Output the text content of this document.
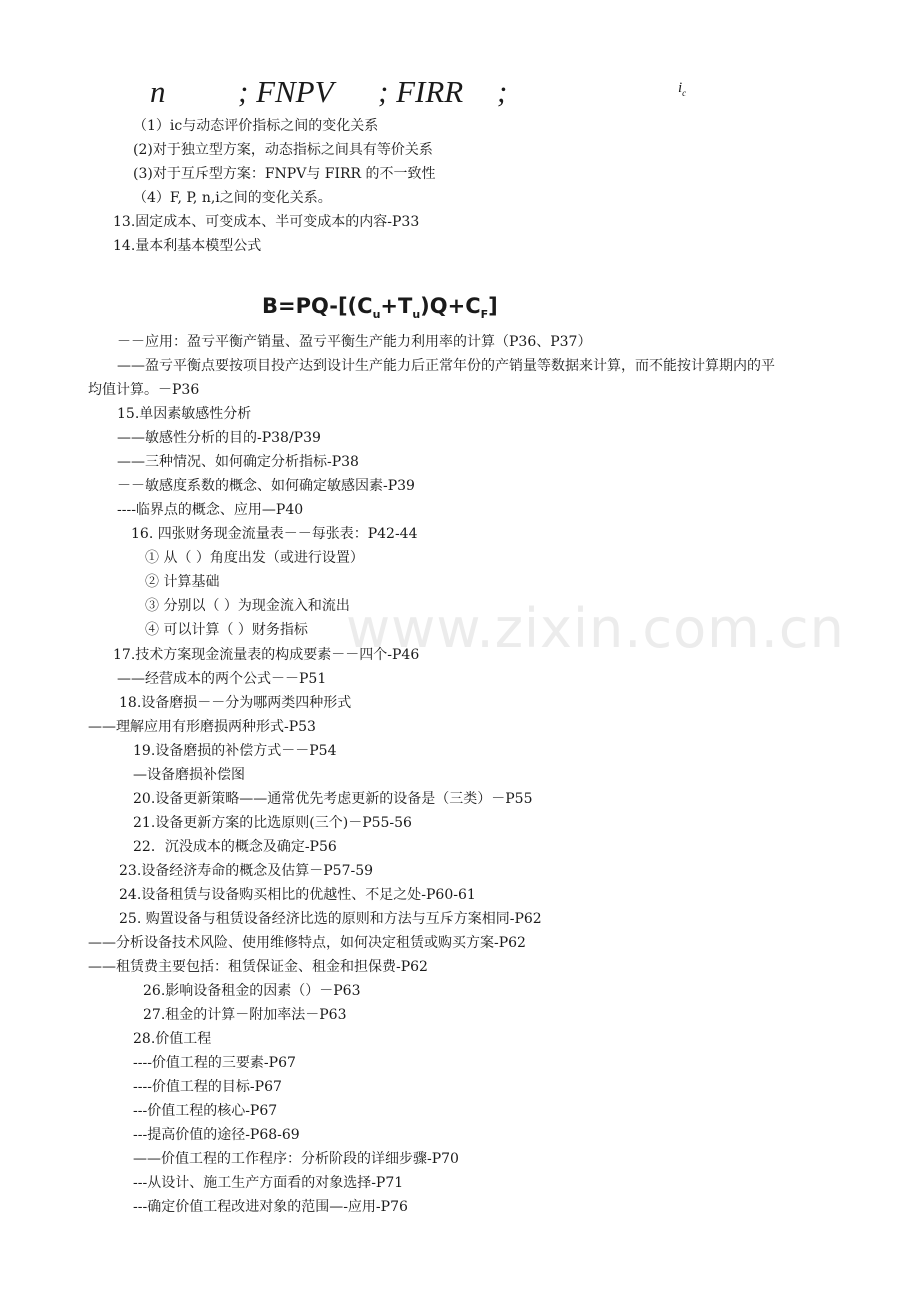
n ; FNPV ; FIRR ;	$i_c$
（1）ic与动态评价指标之间的变化关系
(2)对于独立型方案，动态指标之间具有等价关系
(3)对于互斥型方案：FNPV与 FIRR 的不一致性
（4）F, P, n,i之间的变化关系。
13.固定成本、可变成本、半可变成本的内容-P33
14.量本利基本模型公式
$B=PQ-[(C_u+T_u)Q+C_F]$
www.zixin.com.cn
－－应用：盈亏平衡产销量、盈亏平衡生产能力利用率的计算（P36、P37）
——盈亏平衡点要按项目投产达到设计生产能力后正常年份的产销量等数据来计算，而不能按计算期内的平
均值计算。－P36
15.单因素敏感性分析
——敏感性分析的目的-P38/P39
——三种情况、如何确定分析指标-P38
－－敏感度系数的概念、如何确定敏感因素-P39
----临界点的概念、应用—P40
16. 四张财务现金流量表－－每张表：P42-44
① 从（ ）角度出发（或进行设置）
② 计算基础
③ 分别以（ ）为现金流入和流出
④ 可以计算（ ）财务指标
17.技术方案现金流量表的构成要素－－四个-P46
——经营成本的两个公式－－P51
18.设备磨损－－分为哪两类四种形式
——理解应用有形磨损两种形式-P53
19.设备磨损的补偿方式－－P54
—设备磨损补偿图
20.设备更新策略——通常优先考虑更新的设备是（三类）－P55
21.设备更新方案的比选原则(三个)－P55-56
22．沉没成本的概念及确定-P56
23.设备经济寿命的概念及估算－P57-59
24.设备租赁与设备购买相比的优越性、不足之处-P60-61
25. 购置设备与租赁设备经济比选的原则和方法与互斥方案相同-P62
——分析设备技术风险、使用维修特点，如何决定租赁或购买方案-P62
——租赁费主要包括：租赁保证金、租金和担保费-P62
26.影响设备租金的因素（）－P63
27.租金的计算－附加率法－P63
28.价值工程
----价值工程的三要素-P67
----价值工程的目标-P67
---价值工程的核心-P67
---提高价值的途径-P68-69
——价值工程的工作程序：分析阶段的详细步骤-P70
---从设计、施工生产方面看的对象选择-P71
---确定价值工程改进对象的范围—-应用-P76
